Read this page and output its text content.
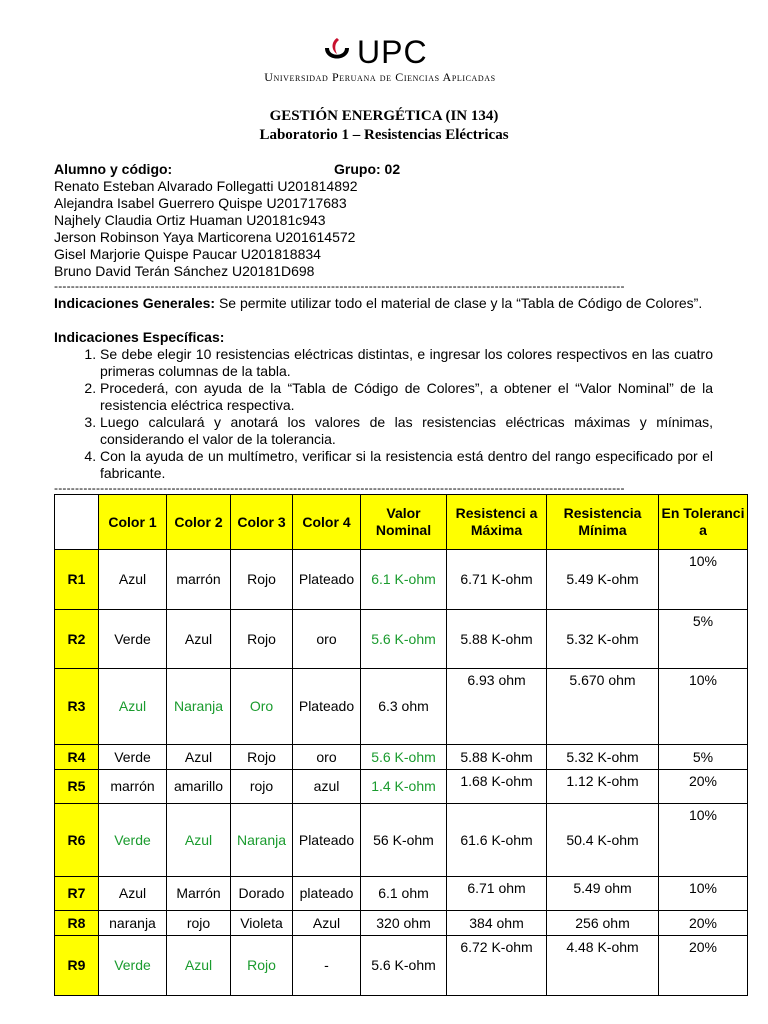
UPC
Universidad Peruana de Ciencias Aplicadas
GESTIÓN ENERGÉTICA (IN 134)
Laboratorio 1 – Resistencias Eléctricas
Alumno y código:	Grupo: 02
Renato Esteban Alvarado Follegatti U201814892
Alejandra Isabel Guerrero Quispe U201717683
Najhely Claudia Ortiz Huaman U20181c943
Jerson Robinson Yaya Marticorena U201614572
Gisel Marjorie Quispe Paucar U201818834
Bruno David Terán Sánchez U20181D698
----------------------------------------------------------------------------------------------------------------------------------------
Indicaciones Generales: Se permite utilizar todo el material de clase y la “Tabla de Código de Colores”.
Indicaciones Específicas:
1. Se debe elegir 10 resistencias eléctricas distintas, e ingresar los colores respectivos en las cuatro primeras columnas de la tabla.
2. Procederá, con ayuda de la “Tabla de Código de Colores”, a obtener el “Valor Nominal” de la resistencia eléctrica respectiva.
3. Luego calculará y anotará los valores de las resistencias eléctricas máximas y mínimas, considerando el valor de la tolerancia.
4. Con la ayuda de un multímetro, verificar si la resistencia está dentro del rango especificado por el fabricante.
----------------------------------------------------------------------------------------------------------------------------------------
	Color 1	Color 2	Color 3	Color 4	Valor Nominal	Resistenci a Máxima	Resistencia Mínima	En Toleranci a
R1	Azul	marrón	Rojo	Plateado	6.1 K-ohm	6.71 K-ohm	5.49 K-ohm	10%
R2	Verde	Azul	Rojo	oro	5.6 K-ohm	5.88 K-ohm	5.32 K-ohm	5%
R3	Azul	Naranja	Oro	Plateado	6.3 ohm	6.93 ohm	5.670 ohm	10%
R4	Verde	Azul	Rojo	oro	5.6 K-ohm	5.88 K-ohm	5.32 K-ohm	5%
R5	marrón	amarillo	rojo	azul	1.4 K-ohm	1.68 K-ohm	1.12 K-ohm	20%
R6	Verde	Azul	Naranja	Plateado	56 K-ohm	61.6 K-ohm	50.4 K-ohm	10%
R7	Azul	Marrón	Dorado	plateado	6.1 ohm	6.71 ohm	5.49 ohm	10%
R8	naranja	rojo	Violeta	Azul	320 ohm	384 ohm	256 ohm	20%
R9	Verde	Azul	Rojo	-	5.6 K-ohm	6.72 K-ohm	4.48 K-ohm	20%
